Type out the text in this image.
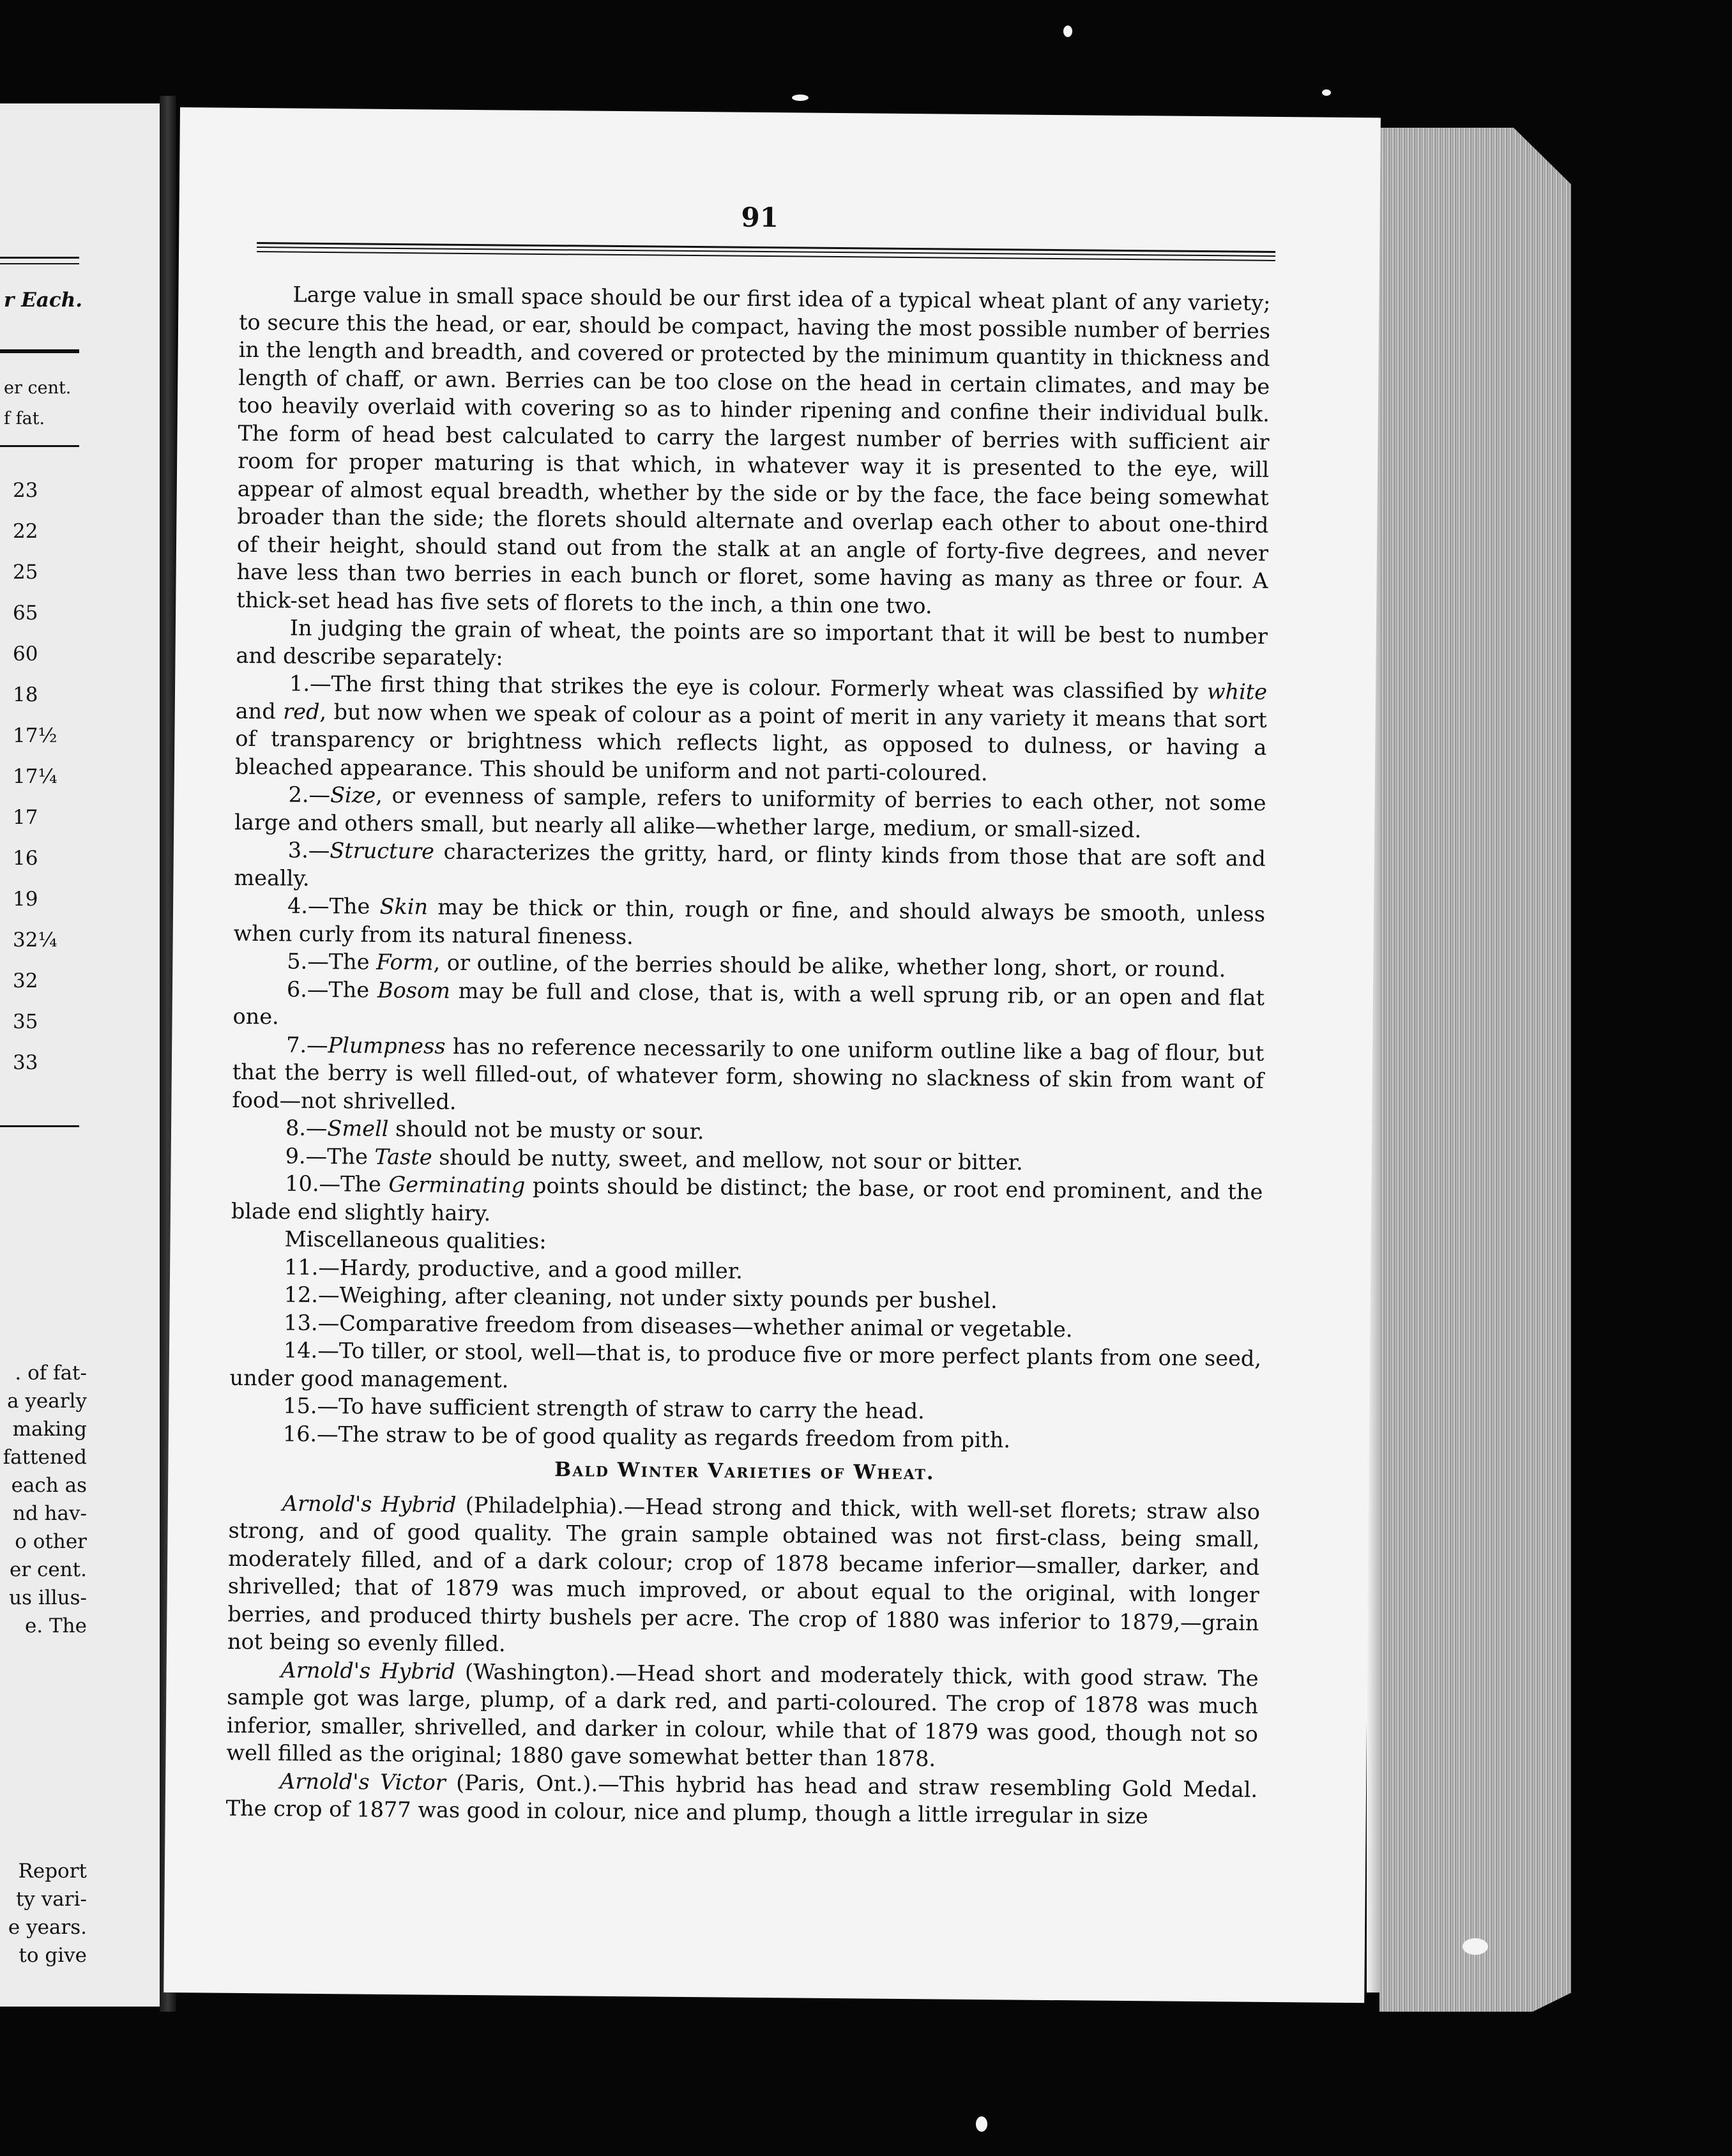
r Each.
er cent.
f fat.
23
22
25
65
60
18
17½
17¼
17
16
19
32¼
32
35
33
. of fat-
a yearly
making
fattened
each as
nd hav-
o other
er cent.
us illus-
e. The
Report
ty vari-
e years.
to give
91

Large value in small space should be our first idea of a typical wheat plant of any variety; to secure this the head, or ear, should be compact, having the most possible number of berries in the length and breadth, and covered or protected by the minimum quantity in thickness and length of chaff, or awn. Berries can be too close on the head in certain climates, and may be too heavily overlaid with covering so as to hinder ripening and confine their individual bulk. The form of head best calculated to carry the largest number of berries with sufficient air room for proper maturing is that which, in whatever way it is presented to the eye, will appear of almost equal breadth, whether by the side or by the face, the face being somewhat broader than the side; the florets should alternate and overlap each other to about one-third of their height, should stand out from the stalk at an angle of forty-five degrees, and never have less than two berries in each bunch or floret, some having as many as three or four. A thick-set head has five sets of florets to the inch, a thin one two.

In judging the grain of wheat, the points are so important that it will be best to number and describe separately:

1.—The first thing that strikes the eye is colour. Formerly wheat was classified by white and red, but now when we speak of colour as a point of merit in any variety it means that sort of transparency or brightness which reflects light, as opposed to dulness, or having a bleached appearance. This should be uniform and not parti-coloured.

2.—Size, or evenness of sample, refers to uniformity of berries to each other, not some large and others small, but nearly all alike—whether large, medium, or small-sized.

3.—Structure characterizes the gritty, hard, or flinty kinds from those that are soft and meally.

4.—The Skin may be thick or thin, rough or fine, and should always be smooth, unless when curly from its natural fineness.

5.—The Form, or outline, of the berries should be alike, whether long, short, or round.

6.—The Bosom may be full and close, that is, with a well sprung rib, or an open and flat one.

7.—Plumpness has no reference necessarily to one uniform outline like a bag of flour, but that the berry is well filled-out, of whatever form, showing no slackness of skin from want of food—not shrivelled.

8.—Smell should not be musty or sour.

9.—The Taste should be nutty, sweet, and mellow, not sour or bitter.

10.—The Germinating points should be distinct; the base, or root end prominent, and the blade end slightly hairy.

Miscellaneous qualities:

11.—Hardy, productive, and a good miller.

12.—Weighing, after cleaning, not under sixty pounds per bushel.

13.—Comparative freedom from diseases—whether animal or vegetable.

14.—To tiller, or stool, well—that is, to produce five or more perfect plants from one seed, under good management.

15.—To have sufficient strength of straw to carry the head.

16.—The straw to be of good quality as regards freedom from pith.

Bald Winter Varieties of Wheat.

Arnold's Hybrid (Philadelphia).—Head strong and thick, with well-set florets; straw also strong, and of good quality. The grain sample obtained was not first-class, being small, moderately filled, and of a dark colour; crop of 1878 became inferior—smaller, darker, and shrivelled; that of 1879 was much improved, or about equal to the original, with longer berries, and produced thirty bushels per acre. The crop of 1880 was inferior to 1879,—grain not being so evenly filled.

Arnold's Hybrid (Washington).—Head short and moderately thick, with good straw. The sample got was large, plump, of a dark red, and parti-coloured. The crop of 1878 was much inferior, smaller, shrivelled, and darker in colour, while that of 1879 was good, though not so well filled as the original; 1880 gave somewhat better than 1878.

Arnold's Victor (Paris, Ont.).—This hybrid has head and straw resembling Gold Medal. The crop of 1877 was good in colour, nice and plump, though a little irregular in size
